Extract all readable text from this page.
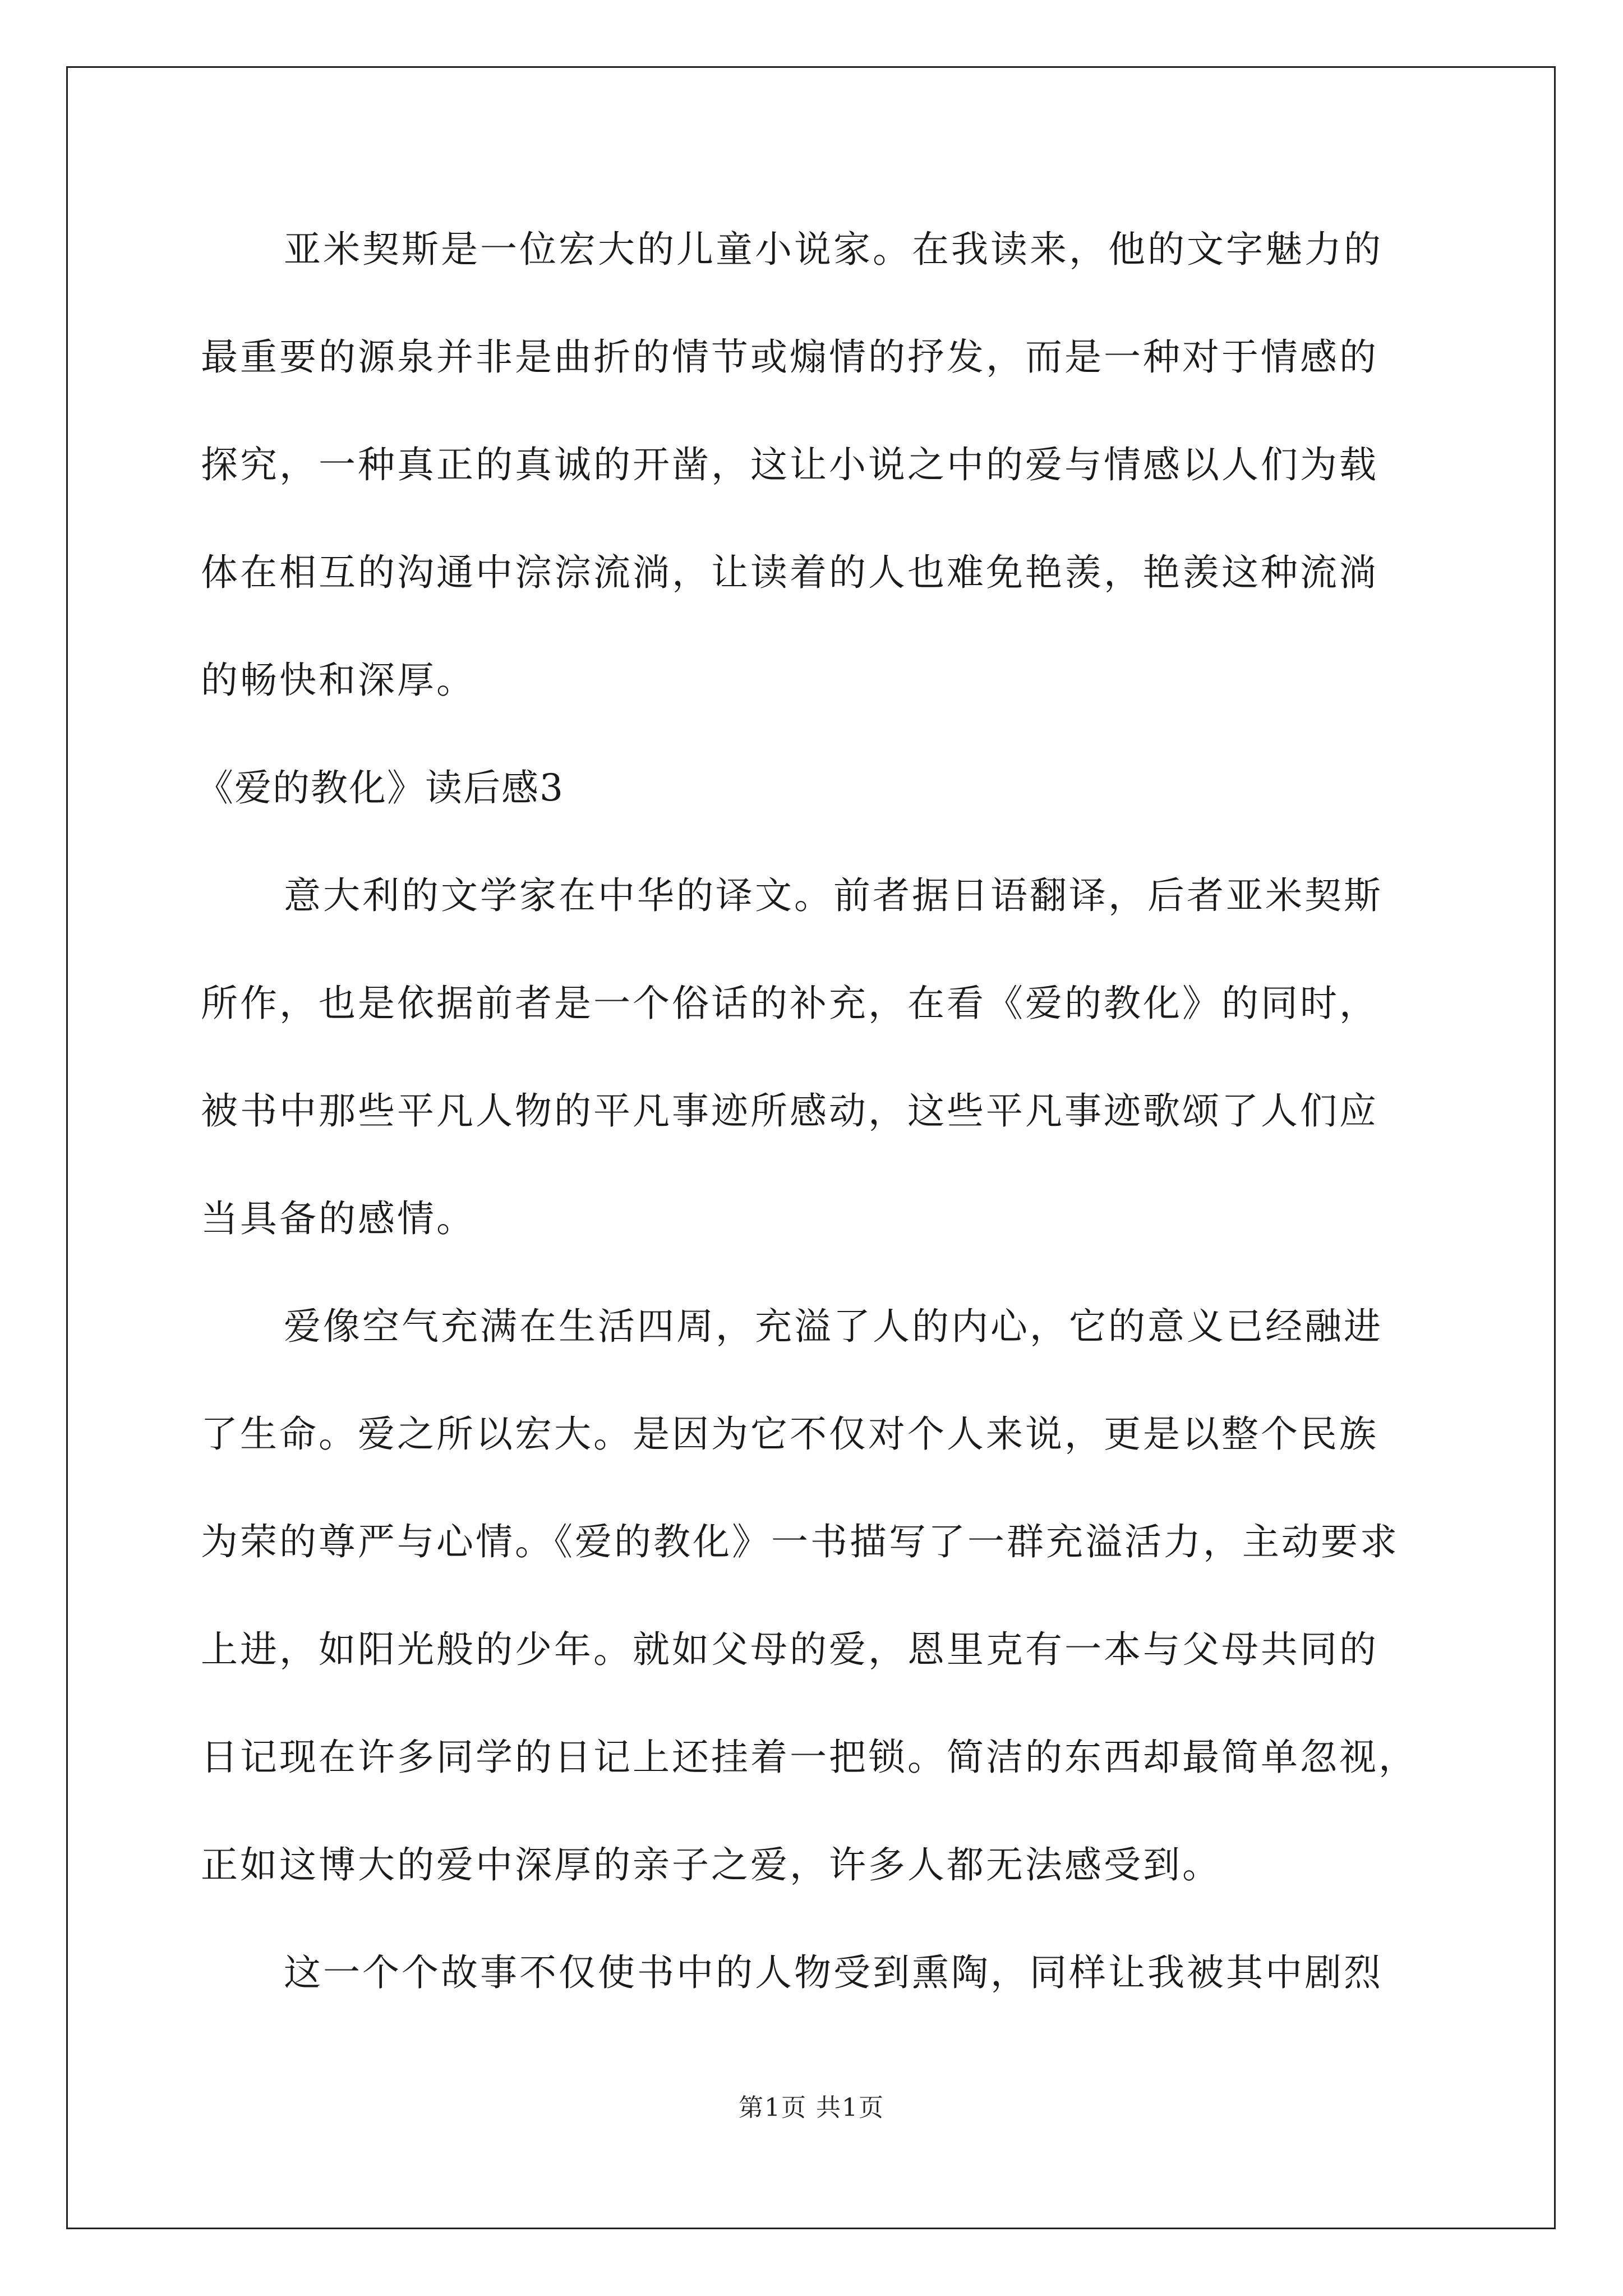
亚米契斯是一位宏大的儿童小说家。在我读来，他的文字魅力的
最重要的源泉并非是曲折的情节或煽情的抒发，而是一种对于情感的
探究，一种真正的真诚的开凿，这让小说之中的爱与情感以人们为载
体在相互的沟通中淙淙流淌，让读着的人也难免艳羡，艳羡这种流淌
的畅快和深厚。
《爱的教化》读后感3
意大利的文学家在中华的译文。前者据日语翻译，后者亚米契斯
所作，也是依据前者是一个俗话的补充，在看《爱的教化》的同时，
被书中那些平凡人物的平凡事迹所感动，这些平凡事迹歌颂了人们应
当具备的感情。
爱像空气充满在生活四周，充溢了人的内心，它的意义已经融进
了生命。爱之所以宏大。是因为它不仅对个人来说，更是以整个民族
为荣的尊严与心情。《爱的教化》一书描写了一群充溢活力，主动要求
上进，如阳光般的少年。就如父母的爱，恩里克有一本与父母共同的
日记现在许多同学的日记上还挂着一把锁。简洁的东西却最简单忽视，
正如这博大的爱中深厚的亲子之爱，许多人都无法感受到。
这一个个故事不仅使书中的人物受到熏陶，同样让我被其中剧烈
第1页 共1页
